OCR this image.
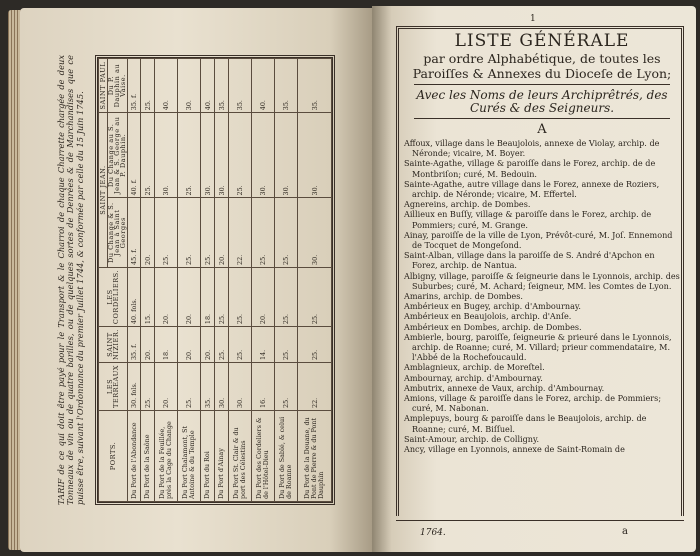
TARIF de ce qui doit être payé pour le Transport & le Charroi de chaque Charrette chargée de deux Tonneaux de vin ou de quatre barilles, ou de quelques sortes de Denrées & de Marchandises que ce puisse être, suivant l'Ordonnance du premier Juillet 1744, & conformée par celle du 15 Juin 1745.	PORTS.	LES TERREAUX	SAINT NIZIER.	LES CORDELIERS.	SAINT JEAN.		SAINT PAUL
				Du Change & S. Jean à Saint Georges	Du Change au S. Jean & S. George au P. Dauphin.	Du P. Dauphin au Vaise.
Du Port de l'Abondance	30. fols.	35. f.	40. fols.	45. f.	40. f.	35. f.
Du Port de la Saône	25.	20.	15.	20.	25.	25.
Du Port de la Feuillée, près la Cage du Change	20.	18.	20.	25.	30.	40.
Du Port Chalamont, St Antoine & du Temple	25.	20.	20.	25.	25.	30.
Du Port du Roi	35.	20.	18.	25.	30.	40.
Du Port d'Ainay	30.	25.	25.	20.	30.	35.
Du Port St. Clair & du port des Célestins	30.	25.	25.	22.	25.	35.
Du Port des Cordeliers & de l'Hôtel-Dieu	16.	14.	20.	25.	30.	40.
Du Port de Sablé, & celui de Roanne	25.	25.	25.	25.	30.	35.
Du Port de la Douane, du Pont de Pierre & du Pont Dauphin	22.	25.	25.	30.	30.	35.
1
LISTE GÉNÉRALE
par ordre Alphabétique, de toutes les Paroiſſes & Annexes du Dioceſe de Lyon;
Avec les Noms de leurs Archiprêtrés, des Curés & des Seigneurs.
A
Affoux, village dans le Beaujolois, annexe de Violay, archip. de Néronde; vicaire, M. Boyer.
Sainte-Agathe, village & paroiſſe dans le Forez, archip. de de Montbriſon; curé, M. Bedouin.
Sainte-Agathe, autre village dans le Forez, annexe de Roziers, archip. de Néronde; vicaire, M. Effertel.
Agnereins, archip. de Dombes.
Aillieux en Buſſy, village & paroiſſe dans le Forez, archip. de Pommiers; curé, M. Grange.
Ainay, paroiſſe de la ville de Lyon, Prévôt-curé, M. Joſ. Ennemond de Tocquet de Mongeſond.
Saint-Alban, village dans la paroiſſe de S. André d'Apchon en Forez, archip. de Nantua.
Albigny, village, paroiſſe & ſeigneurie dans le Lyonnois, archip. des Suburbes; curé, M. Achard; ſeigneur, MM. les Comtes de Lyon.
Amarins, archip. de Dombes.
Ambérieux en Bugey, archip. d'Ambournay.
Ambérieux en Beaujolois, archip. d'Anſe.
Ambérieux en Dombes, archip. de Dombes.
Ambierle, bourg, paroiſſe, ſeigneurie & prieuré dans le Lyonnois, archip. de Roanne; curé, M. Villard; prieur commendataire, M. l'Abbé de la Rochefoucauld.
Amblagnieux, archip. de Moreſtel.
Ambournay, archip. d'Ambournay.
Ambutrix, annexe de Vaux, archip. d'Ambournay.
Amions, village & paroiſſe dans le Forez, archip. de Pommiers; curé, M. Nabonan.
Amplepuys, bourg & paroiſſe dans le Beaujolois, archip. de Roanne; curé, M. Biſſuel.
Saint-Amour, archip. de Colligny.
Ancy, village en Lyonnois, annexe de Saint-Romain de
1764.	a
